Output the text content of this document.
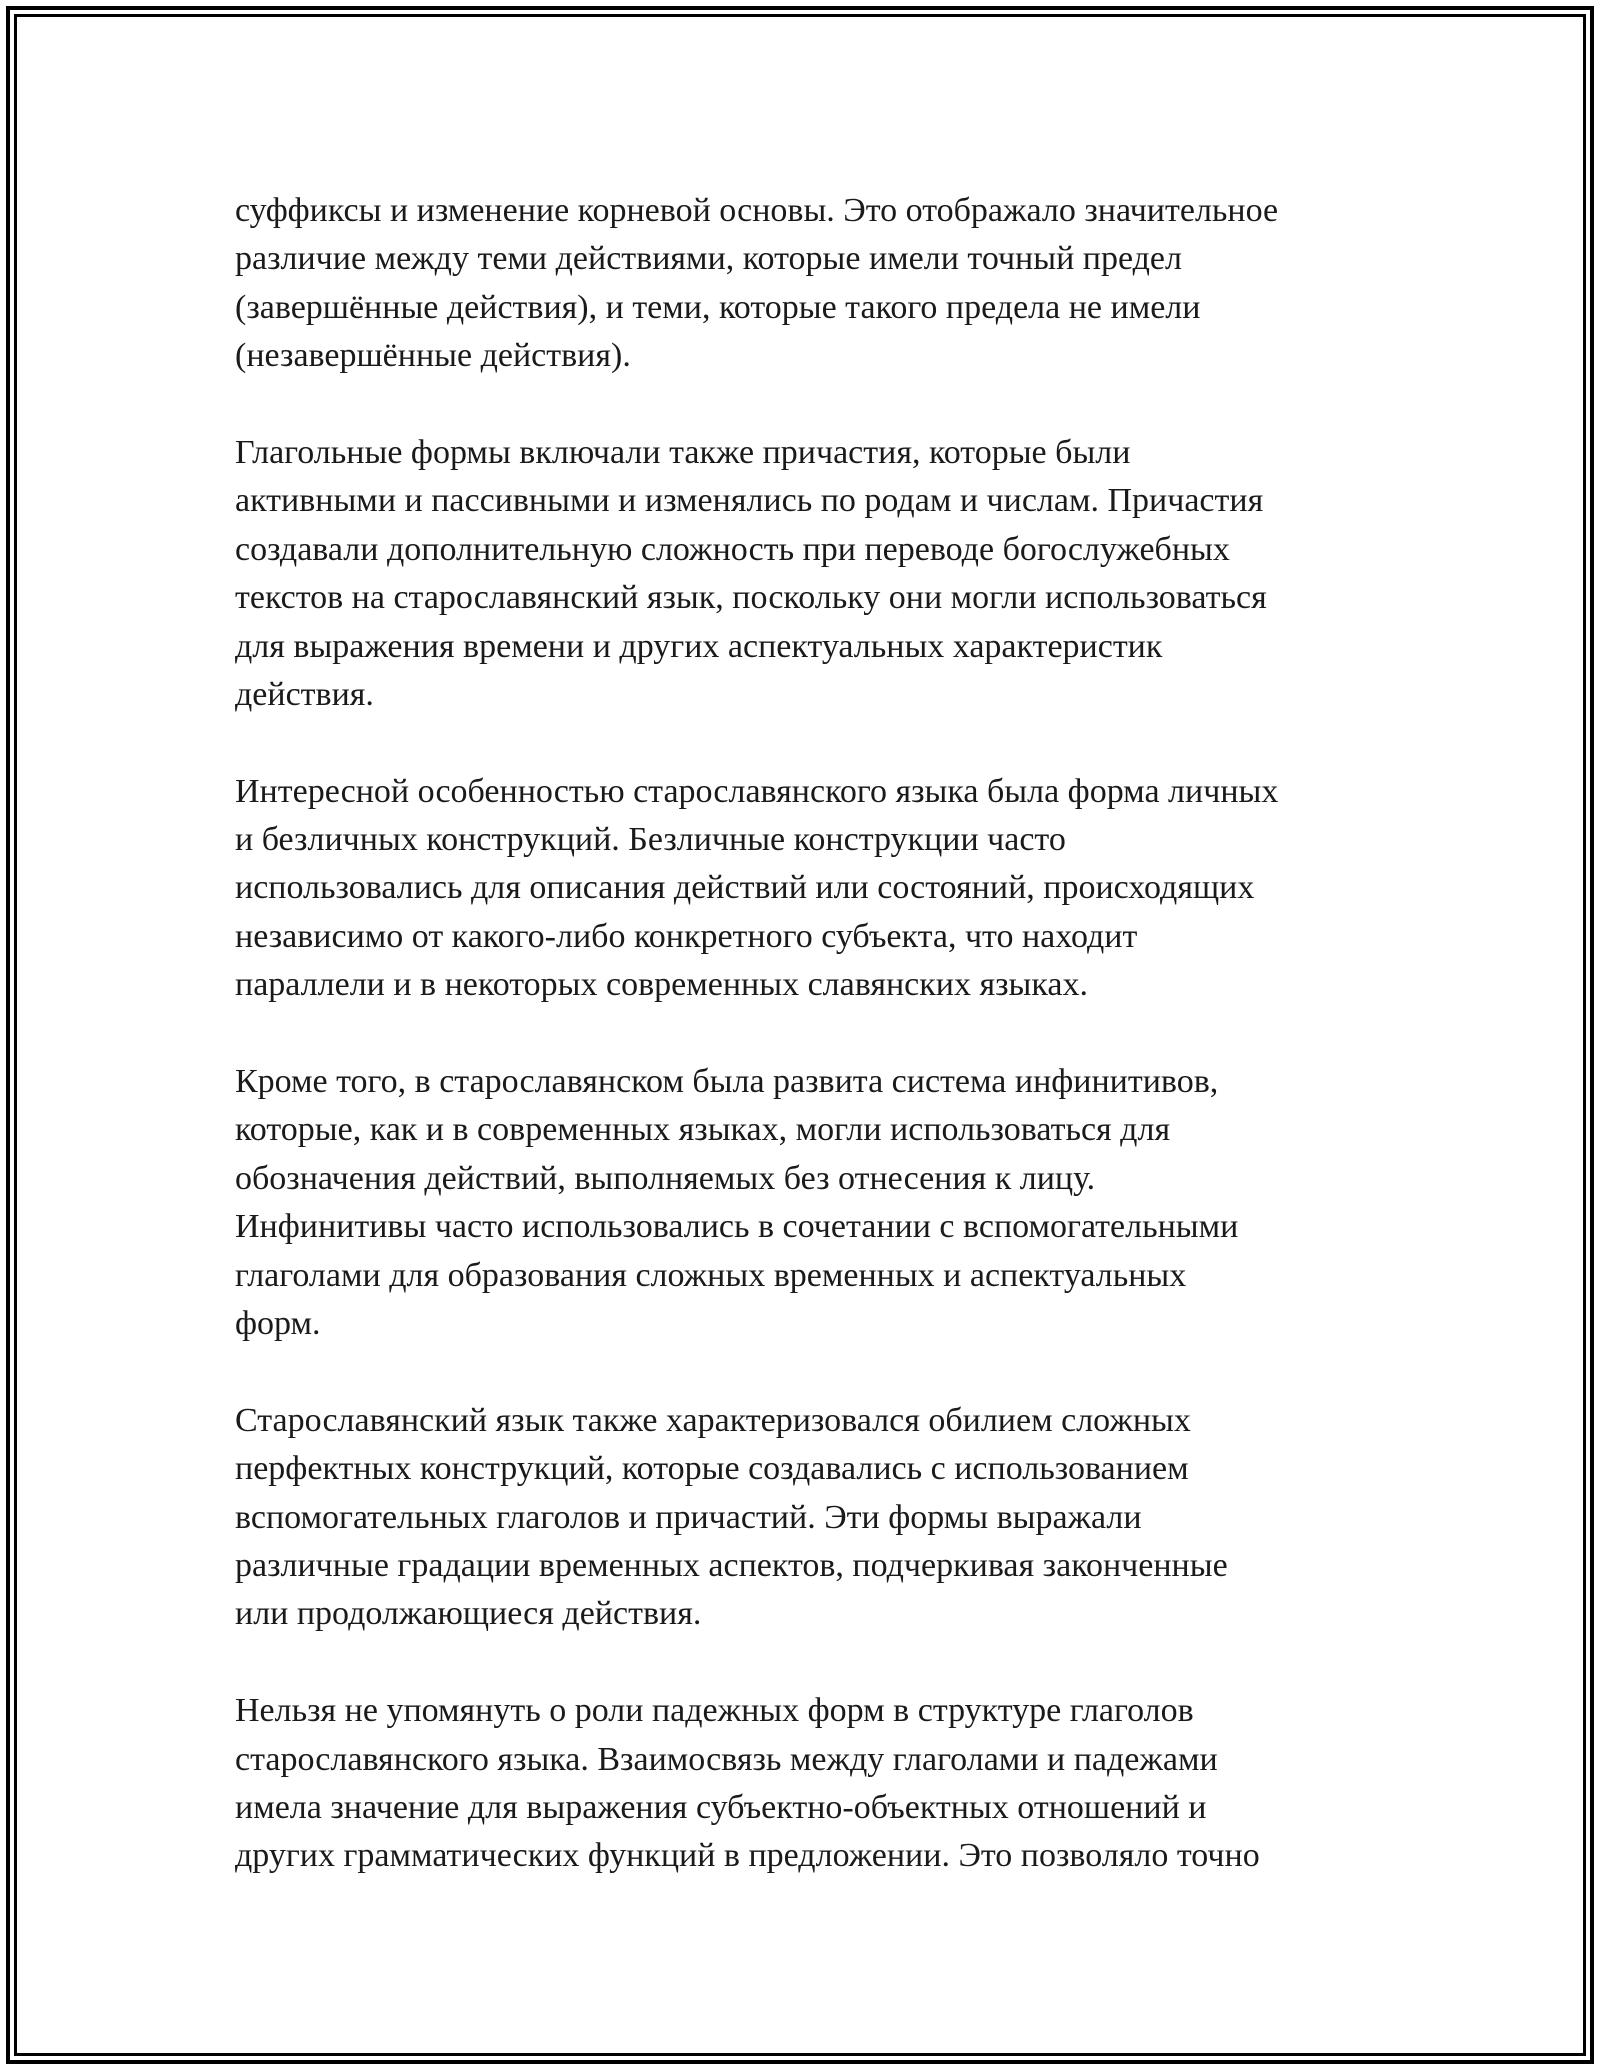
суффиксы и изменение корневой основы. Это отображало значительное
различие между теми действиями, которые имели точный предел
(завершённые действия), и теми, которые такого предела не имели
(незавершённые действия).
Глагольные формы включали также причастия, которые были
активными и пассивными и изменялись по родам и числам. Причастия
создавали дополнительную сложность при переводе богослужебных
текстов на старославянский язык, поскольку они могли использоваться
для выражения времени и других аспектуальных характеристик
действия.
Интересной особенностью старославянского языка была форма личных
и безличных конструкций. Безличные конструкции часто
использовались для описания действий или состояний, происходящих
независимо от какого-либо конкретного субъекта, что находит
параллели и в некоторых современных славянских языках.
Кроме того, в старославянском была развита система инфинитивов,
которые, как и в современных языках, могли использоваться для
обозначения действий, выполняемых без отнесения к лицу.
Инфинитивы часто использовались в сочетании с вспомогательными
глаголами для образования сложных временных и аспектуальных
форм.
Старославянский язык также характеризовался обилием сложных
перфектных конструкций, которые создавались с использованием
вспомогательных глаголов и причастий. Эти формы выражали
различные градации временных аспектов, подчеркивая законченные
или продолжающиеся действия.
Нельзя не упомянуть о роли падежных форм в структуре глаголов
старославянского языка. Взаимосвязь между глаголами и падежами
имела значение для выражения субъектно-объектных отношений и
других грамматических функций в предложении. Это позволяло точно
